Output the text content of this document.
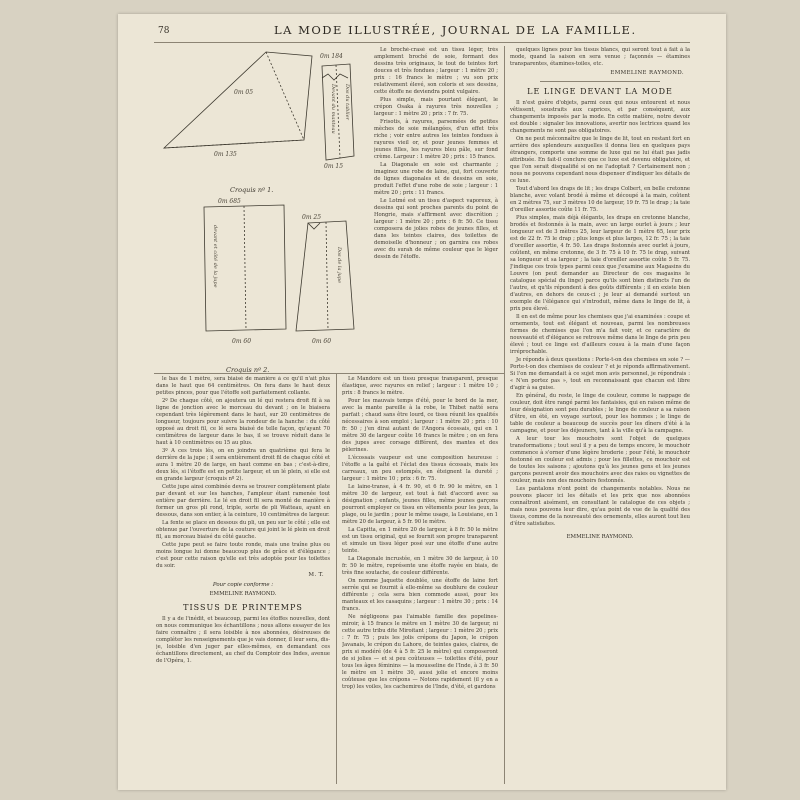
78	LA MODE ILLUSTRÉE, JOURNAL DE LA FAMILLE.
0m 184
0m 135
0m 15
0m 05	Devant du manteau Dos du tablier
Croquis nº 1.
0m 685
0m 60
0m 25
0m 60
devant et côté de la jupe	Dos de la jupe
Croquis nº 2.

Le broché-crasé est un tissu léger, très amplement broché de soie, formant des dessins très originaux, le tout de teintes fort douces et très fondues ; largeur : 1 mètre 20 ; prix : 16 francs le mètre ; vu son prix relativement élevé, son coloris et ses dessins, cette étoffe ne deviendra point vulgaire.

Plus simple, mais pourtant élégant, le crépon Osaka à rayures très nouvelles ; largeur : 1 mètre 20 ; prix : 7 fr. 75.

Frisotis, à rayures, parsemées de petites mèches de soie mélangées, d'un effet très riche ; voir entre autres les teintes fondues à rayures vieil or, et pour jeunes femmes et jeunes filles, les rayures bleu pâle, sur fond crème. Largeur : 1 mètre 20 ; prix : 15 francs.

La Diagonale en soie est charmante ; imaginez une robe de laine, qui, fort couverte de lignes diagonales et de dessins en soie, produit l'effet d'une robe de soie ; largeur : 1 mètre 20 ; prix : 11 francs.

Le Lotmé est un tissu d'aspect vaporeux, à dessins qui sont proches parents du point de Hongrie, mais s'affirment avec discrétion ; largeur : 1 mètre 20 ; prix : 6 fr. 50. Ce tissu composera de jolies robes de jeunes filles, et dans les teintes claires, des toilettes de demoiselle d'honneur ; on garnira ces robes avec du surah de même couleur que le léger dessin de l'étoffe.

le bas de 1 mètre, sera biaisé de manière à ce qu'il n'ait plus dans le haut que 64 centimètres. On fera dans le haut deux petites pinces, pour que l'étoffe soit parfaitement collante.

2º De chaque côté, on ajoutera un lé qui restera droit fil à sa ligne de jonction avec le morceau du devant ; on le biaisera cependant très légèrement dans le haut, sur 20 centimètres de longueur, toujours pour suivre la rondeur de la hanche : du côté opposé au droit fil, ce lé sera biaisé de telle façon, qu'ayant 70 centimètres de largeur dans le bas, il se trouve réduit dans le haut à 10 centimètres ou 15 au plus.

3º A ces trois lés, on en joindra un quatrième qui fera le derrière de la jupe ; il sera entièrement droit fil de chaque côté et aura 1 mètre 20 de large, en haut comme en bas ; c'est-à-dire, deux lés, si l'étoffe est en petite largeur, et un lé plein, si elle est en grande largeur (croquis nº 2).

Cette jupe ainsi combinée devra se trouver complètement plate par devant et sur les hanches, l'ampleur étant ramenée tout entière par derrière. Le lé en droit fil sera monté de manière à former un gros pli rond, triple, sorte de pli Watteau, ayant en dessous, dans son entier, à la ceinture, 10 centimètres de largeur.

La fente se place en dessous du pli, un peu sur le côté ; elle est obtenue par l'ouverture de la couture qui joint le lé plein en droit fil, au morceau biaisé du côté gauche.

Cette jupe peut se faire toute ronde, mais une traîne plus ou moins longue lui donne beaucoup plus de grâce et d'élégance ; c'est pour cette raison qu'elle est très adoptée pour les toilettes du soir.

M. T.
Pour copie conforme :
EMMELINE RAYMOND.
TISSUS DE PRINTEMPS

Il y a de l'inédit, et beaucoup, parmi les étoffes nouvelles, dont on nous communique les échantillons ; nous allons essayer de les faire connaître ; il sera loisible à nos abonnées, désireuses de compléter les renseignements que je vais donner, il leur sera, dis-je, loisible d'en juger par elles-mêmes, en demandant ces échantillons directement, au chef du Comptoir des Indes, avenue de l'Opéra, 1.

Le Mandore est un tissu presque transparent, presque élastique, avec rayures en relief ; largeur : 1 mètre 10 ; prix : 8 francs le mètre.

Pour les mauvais temps d'été, pour le bord de la mer, avec la mante pareille à la robe, le Thibet natté sera parfait ; chaud sans être lourd, ce tissu réunit les qualités nécessaires à son emploi ; largeur : 1 mètre 20 ; prix : 10 fr. 50 ; j'en dirai autant de l'Angora écossais, qui en 1 mètre 30 de largeur coûte 16 francs le mètre ; on en fera des jupes avec corsage différent, des mantes et des pèlerines.

L'écossais vaupeur est une composition heureuse : l'étoffe a la gaîté et l'éclat des tissus écossais, mais les carreaux, un peu estompés, en éteignent la dureté ; largeur : 1 mètre 10 ; prix : 6 fr. 75.

Le laine-transe, à 4 fr. 90, et 6 fr. 90 le mètre, en 1 mètre 30 de largeur, est tout à fait d'accord avec sa désignation ; enfants, jeunes filles, même jeunes garçons pourront employer ce tissu en vêtements pour les jeux, la plage, ou le jardin ; pour le même usage, la Louisiane, en 1 mètre 20 de largeur, à 5 fr. 90 le mètre.

La Capitta, en 1 mètre 20 de largeur, à 8 fr. 50 le mètre est un tissu original, qui se fournit son propre transparent et simule un tissu léger posé sur une étoffe d'une autre teinte.

La Diagonale incrustée, en 1 mètre 30 de largeur, à 10 fr. 50 le mètre, représente une étoffe rayée en biais, de très fine soutache, de couleur différente.

On nomme Jaquette doublée, une étoffe de laine fort serrée qui se fournit à elle-même sa doublure de couleur différente ; cela sera bien commode aussi, pour les manteaux et les casaquins ; largeur : 1 mètre 30 ; prix : 14 francs.

Ne négligeons pas l'aimable famille des popelines-miroir, à 15 francs le mètre en 1 mètre 30 de largeur, ni cette autre tribu dite Miroitant ; largeur : 1 mètre 20 ; prix : 7 fr. 75 ; puis les jolis crépons du Japon, le crépon Javanais, le crépon du Lahore, de teintes gaies, claires, de prix si modéré (de 4 à 5 fr. 25 le mètre) qui composeront de si jolies — et si peu coûteuses — toilettes d'été, pour tous les âges féminins — la mousseline de l'Inde, à 3 fr. 50 le mètre en 1 mètre 30, aussi jolie et encore moins coûteuse que les crépons — Notons rapidement (il y en a trop) les voiles, les cachemires de l'Inde, d'été, et gardons

quelques lignes pour les tissus blancs, qui seront tout à fait à la mode, quand la saison en sera venue ; façonnés — étamines transparentes, étamines-toiles, etc.

EMMELINE RAYMOND.
LE LINGE DEVANT LA MODE

Il n'est guère d'objets, parmi ceux qui nous entourent et nous vêtissent, soustraits aux caprices, et par conséquent, aux changements imposés par la mode. En cette matière, notre devoir est double : signaler les innovations, avertir nos lectrices quand les changements ne sont pas obligatoires.

On ne peut méconnaître que le linge de lit, tout en restant fort en arrière des splendeurs auxquelles il donna lieu en quelques pays étrangers, comporte une somme de luxe qui ne lui était pas jadis attribuée. En fait-il conclure que ce luxe est devenu obligatoire, et que l'on serait disqualifié si on ne l'adoptait ? Certainement non ; nous ne pouvons cependant nous dispenser d'indiquer les détails de ce luxe.

Tout d'abord les draps de lit ; les draps Colbert, en belle cretonne blanche, avec volant brodé à même et découpé à la main, coûtent en 2 mètres 75, sur 3 mètres 10 de largeur, 19 fr. 75 le drap ; la taie d'oreiller assortie coûte 11 fr. 75.

Plus simples, mais déjà élégants, les draps en cretonne blanche, brodés et festonnés à la main, avec un large ourlet à jours ; leur longueur est de 3 mètres 25, leur largeur de 1 mètre 65, leur prix est de 22 fr. 75 le drap ; plus longs et plus larges, 12 fr. 75 ; la taie d'oreiller assortie, 4 fr. 50. Les draps festonnés avec ourlet à jours, coûtent, en même cretonne, de 3 fr. 75 à 10 fr. 75 le drap, suivant sa longueur et sa largeur ; la taie d'oreiller assortie coûte 5 fr. 75. J'indique ces trois types parmi ceux que j'examine aux Magasins du Louvre (on peut demander au Directeur de ces magasins le catalogue spécial du linge) parce qu'ils sont bien distincts l'un de l'autre, et qu'ils répondent à des goûts différents ; il en existe bien d'autres, en dehors de ceux-ci ; je leur ai demandé surtout un exemple de l'élégance qui s'introduit, même dans le linge de lit, à prix peu élevé.

Il en est de même pour les chemises que j'ai examinées : coupe et ornements, tout est élégant et nouveau, parmi les nombreuses formes de chemises que l'on m'a fait voir, et ce caractère de nouveauté et d'élégance se retrouve même dans le linge de prix peu élevé ; tout ce linge est d'ailleurs cousu à la main d'une façon irréprochable.

Je réponds à deux questions : Porte-t-on des chemises en soie ? — Porte-t-on des chemises de couleur ? et je réponds affirmativement. Si l'on me demandait à ce sujet mon avis personnel, je répondrais : « N'en portez pas », tout en reconnaissant que chacun est libre d'agir à sa guise.

En général, du reste, le linge de couleur, comme le nappage de couleur, doit être rangé parmi les fantaisies, qui en raison même de leur désignation sont peu durables ; le linge de couleur a sa raison d'être, en été, en voyage surtout, pour les hommes ; le linge de table de couleur a beaucoup de succès pour les dîners d'été à la campagne, et pour les déjeuners, tant à la ville qu'à la campagne.

A leur tour les mouchoirs sont l'objet de quelques transformations ; tout seul il y a peu de temps encore, le mouchoir commence à s'orner d'une légère broderie ; pour l'été, le mouchoir festonné en couleur est admis ; pour les fillettes, ce mouchoir est de toutes les saisons ; ajoutons qu'à les jeunes gens et les jeunes garçons peuvent avoir des mouchoirs avec des raies ou vignettes de couleur, mais non des mouchoirs festonnés.

Les pantalons n'ont point de changements notables. Nous ne pouvons placer ici les détails et les prix que nos abonnées connaîtront aisément, en consultant le catalogue de ces objets ; mais nous pouvons leur dire, qu'au point de vue de la qualité des tissus, comme de la nouveauté des ornements, elles auront tout lieu d'être satisfaites.

EMMELINE RAYMOND.
